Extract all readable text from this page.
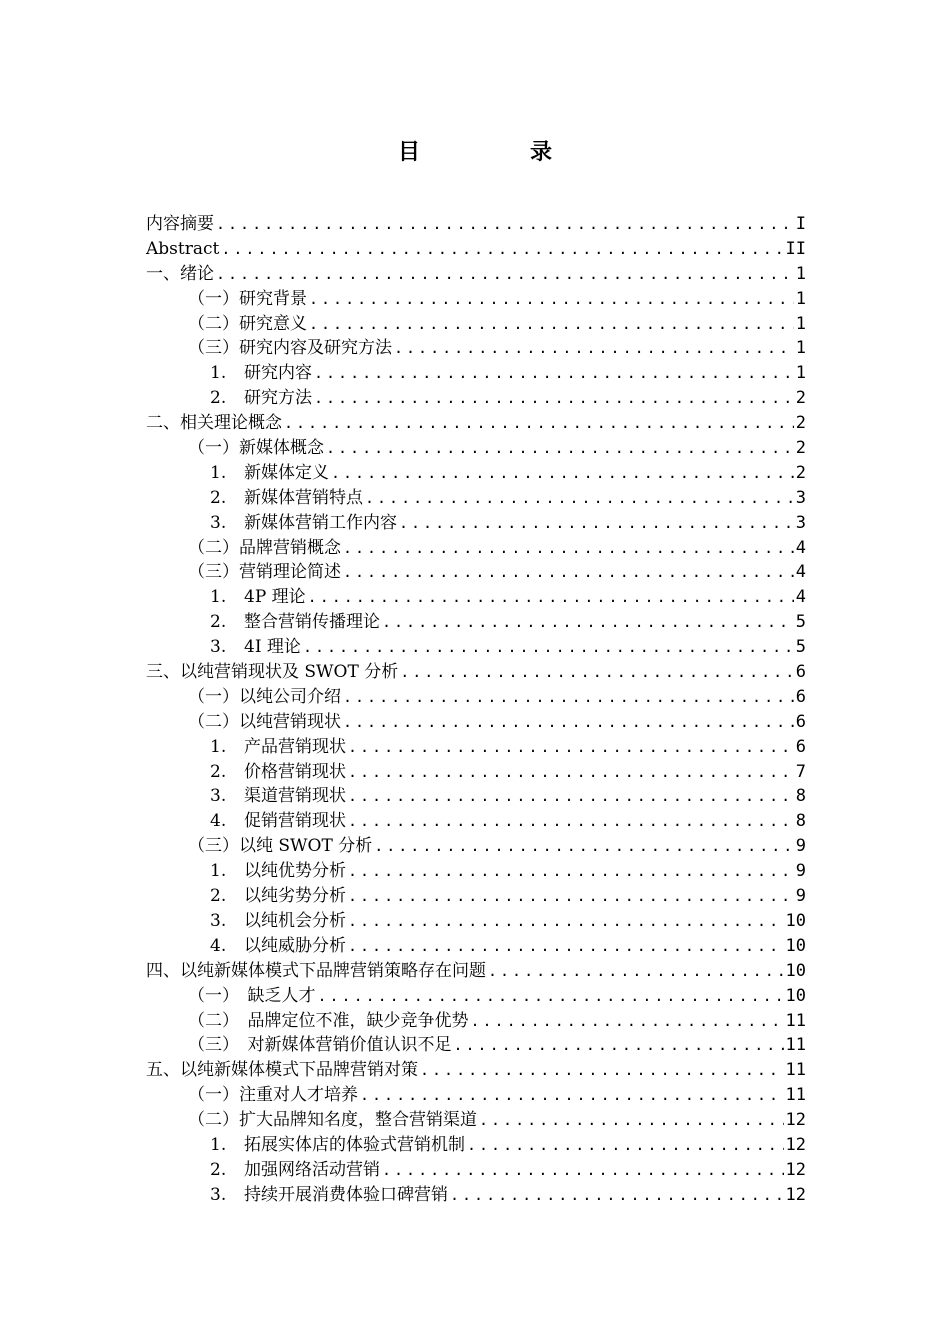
目　录
内容摘要 .....	I
Abstract .....	II
一、绪论 .....	1
（一）研究背景 .....	1
（二）研究意义 .....	1
（三）研究内容及研究方法 .....	1
1. 研究内容 .....	1
2. 研究方法 .....	2
二、相关理论概念 .....	2
（一）新媒体概念 .....	2
1. 新媒体定义 .....	2
2. 新媒体营销特点 .....	3
3. 新媒体营销工作内容 .....	3
（二）品牌营销概念 .....	4
（三）营销理论简述 .....	4
1. 4P 理论 .....	4
2. 整合营销传播理论 .....	5
3. 4I 理论 .....	5
三、以纯营销现状及 SWOT 分析 .....	6
（一）以纯公司介绍 .....	6
（二）以纯营销现状 .....	6
1. 产品营销现状 .....	6
2. 价格营销现状 .....	7
3. 渠道营销现状 .....	8
4. 促销营销现状 .....	8
（三）以纯 SWOT 分析 .....	9
1. 以纯优势分析 .....	9
2. 以纯劣势分析 .....	9
3. 以纯机会分析 .....	10
4. 以纯威胁分析 .....	10
四、以纯新媒体模式下品牌营销策略存在问题 .....	10
（一）　缺乏人才 .....	10
（二）　品牌定位不准，缺少竞争优势 .....	11
（三）　对新媒体营销价值认识不足 .....	11
五、以纯新媒体模式下品牌营销对策 .....	11
（一）注重对人才培养 .....	11
（二）扩大品牌知名度，整合营销渠道 .....	12
1. 拓展实体店的体验式营销机制 .....	12
2. 加强网络活动营销 .....	12
3. 持续开展消费体验口碑营销 .....	12
